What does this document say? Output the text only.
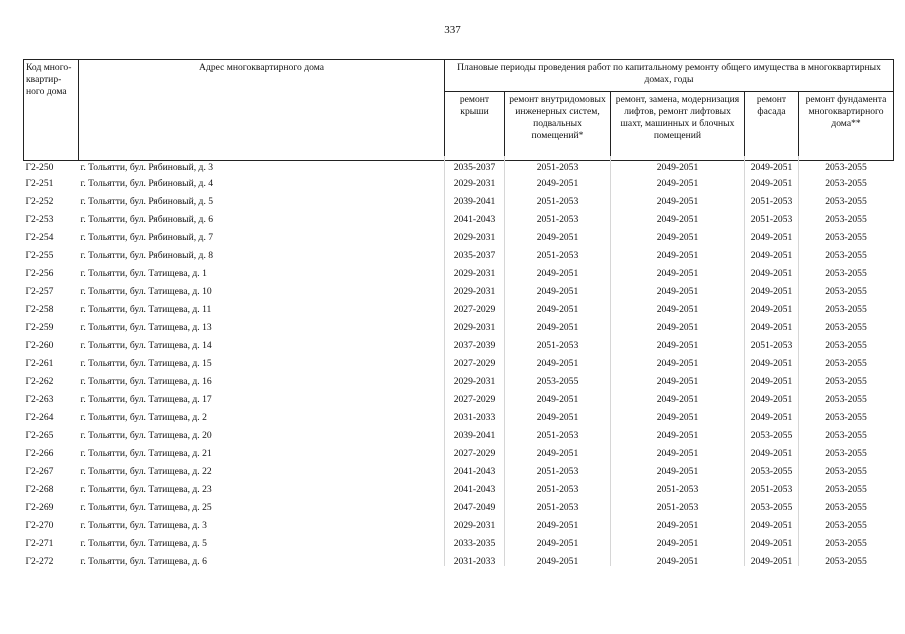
337
Код много-
квартир-
ного дома	Адрес многоквартирного дома	Плановые периоды проведения работ по капитальному ремонту общего имущества в многоквартирных домах, годы				
		ремонт крыши	ремонт внутридомовых инженерных систем, подвальных помещений*	ремонт, замена, модернизация лифтов, ремонт лифтовых шахт, машинных и блочных помещений	ремонт фасада	ремонт фундамента многоквартирного дома**
Г2-250	г. Тольятти, бул. Рябиновый, д. 3	2035-2037	2051-2053	2049-2051	2049-2051	2053-2055
Г2-251	г. Тольятти, бул. Рябиновый, д. 4	2029-2031	2049-2051	2049-2051	2049-2051	2053-2055
Г2-252	г. Тольятти, бул. Рябиновый, д. 5	2039-2041	2051-2053	2049-2051	2051-2053	2053-2055
Г2-253	г. Тольятти, бул. Рябиновый, д. 6	2041-2043	2051-2053	2049-2051	2051-2053	2053-2055
Г2-254	г. Тольятти, бул. Рябиновый, д. 7	2029-2031	2049-2051	2049-2051	2049-2051	2053-2055
Г2-255	г. Тольятти, бул. Рябиновый, д. 8	2035-2037	2051-2053	2049-2051	2049-2051	2053-2055
Г2-256	г. Тольятти, бул. Татищева, д. 1	2029-2031	2049-2051	2049-2051	2049-2051	2053-2055
Г2-257	г. Тольятти, бул. Татищева, д. 10	2029-2031	2049-2051	2049-2051	2049-2051	2053-2055
Г2-258	г. Тольятти, бул. Татищева, д. 11	2027-2029	2049-2051	2049-2051	2049-2051	2053-2055
Г2-259	г. Тольятти, бул. Татищева, д. 13	2029-2031	2049-2051	2049-2051	2049-2051	2053-2055
Г2-260	г. Тольятти, бул. Татищева, д. 14	2037-2039	2051-2053	2049-2051	2051-2053	2053-2055
Г2-261	г. Тольятти, бул. Татищева, д. 15	2027-2029	2049-2051	2049-2051	2049-2051	2053-2055
Г2-262	г. Тольятти, бул. Татищева, д. 16	2029-2031	2053-2055	2049-2051	2049-2051	2053-2055
Г2-263	г. Тольятти, бул. Татищева, д. 17	2027-2029	2049-2051	2049-2051	2049-2051	2053-2055
Г2-264	г. Тольятти, бул. Татищева, д. 2	2031-2033	2049-2051	2049-2051	2049-2051	2053-2055
Г2-265	г. Тольятти, бул. Татищева, д. 20	2039-2041	2051-2053	2049-2051	2053-2055	2053-2055
Г2-266	г. Тольятти, бул. Татищева, д. 21	2027-2029	2049-2051	2049-2051	2049-2051	2053-2055
Г2-267	г. Тольятти, бул. Татищева, д. 22	2041-2043	2051-2053	2049-2051	2053-2055	2053-2055
Г2-268	г. Тольятти, бул. Татищева, д. 23	2041-2043	2051-2053	2051-2053	2051-2053	2053-2055
Г2-269	г. Тольятти, бул. Татищева, д. 25	2047-2049	2051-2053	2051-2053	2053-2055	2053-2055
Г2-270	г. Тольятти, бул. Татищева, д. 3	2029-2031	2049-2051	2049-2051	2049-2051	2053-2055
Г2-271	г. Тольятти, бул. Татищева, д. 5	2033-2035	2049-2051	2049-2051	2049-2051	2053-2055
Г2-272	г. Тольятти, бул. Татищева, д. 6	2031-2033	2049-2051	2049-2051	2049-2051	2053-2055
